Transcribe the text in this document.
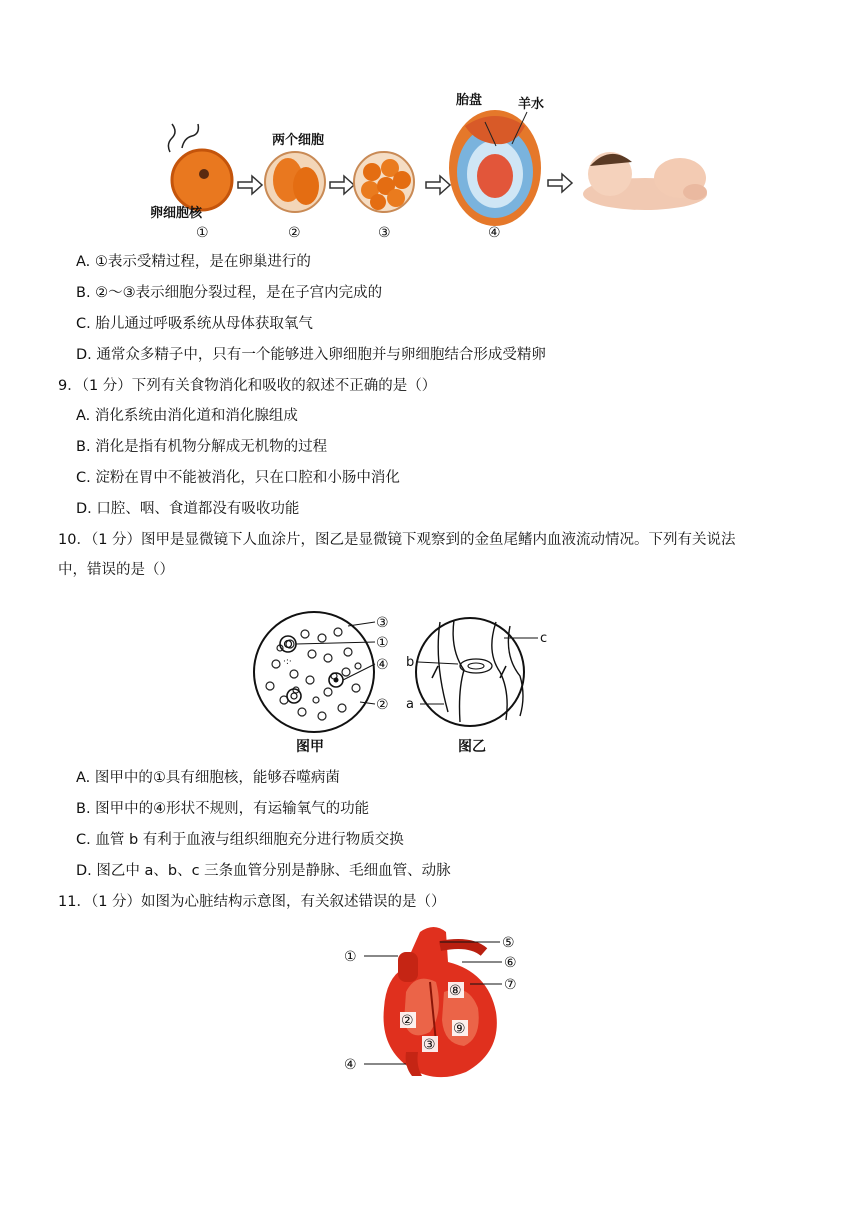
卵细胞核
①
两个细胞
②	③
胎盘	羊水
④
A. ①表示受精过程，是在卵巢进行的
B. ②～③表示细胞分裂过程，是在子宫内完成的
C. 胎儿通过呼吸系统从母体获取氧气
D. 通常众多精子中，只有一个能够进入卵细胞并与卵细胞结合形成受精卵
9．（1 分）下列有关食物消化和吸收的叙述不正确的是（）
A. 消化系统由消化道和消化腺组成
B. 消化是指有机物分解成无机物的过程
C. 淀粉在胃中不能被消化，只在口腔和小肠中消化
D. 口腔、咽、食道都没有吸收功能
10．（1 分）图甲是显微镜下人血涂片，图乙是显微镜下观察到的金鱼尾鳍内血液流动情况。下列有关说法
中，错误的是（）
·:·
③
①
④
②
图甲
b
a
c
图乙
A. 图甲中的①具有细胞核，能够吞噬病菌
B. 图甲中的④形状不规则，有运输氧气的功能
C. 血管 b 有利于血液与组织细胞充分进行物质交换
D. 图乙中 a、b、c 三条血管分别是静脉、毛细血管、动脉
11．（1 分）如图为心脏结构示意图，有关叙述错误的是（）
①
②
③
④
⑤
⑥
⑦
⑧
⑨
